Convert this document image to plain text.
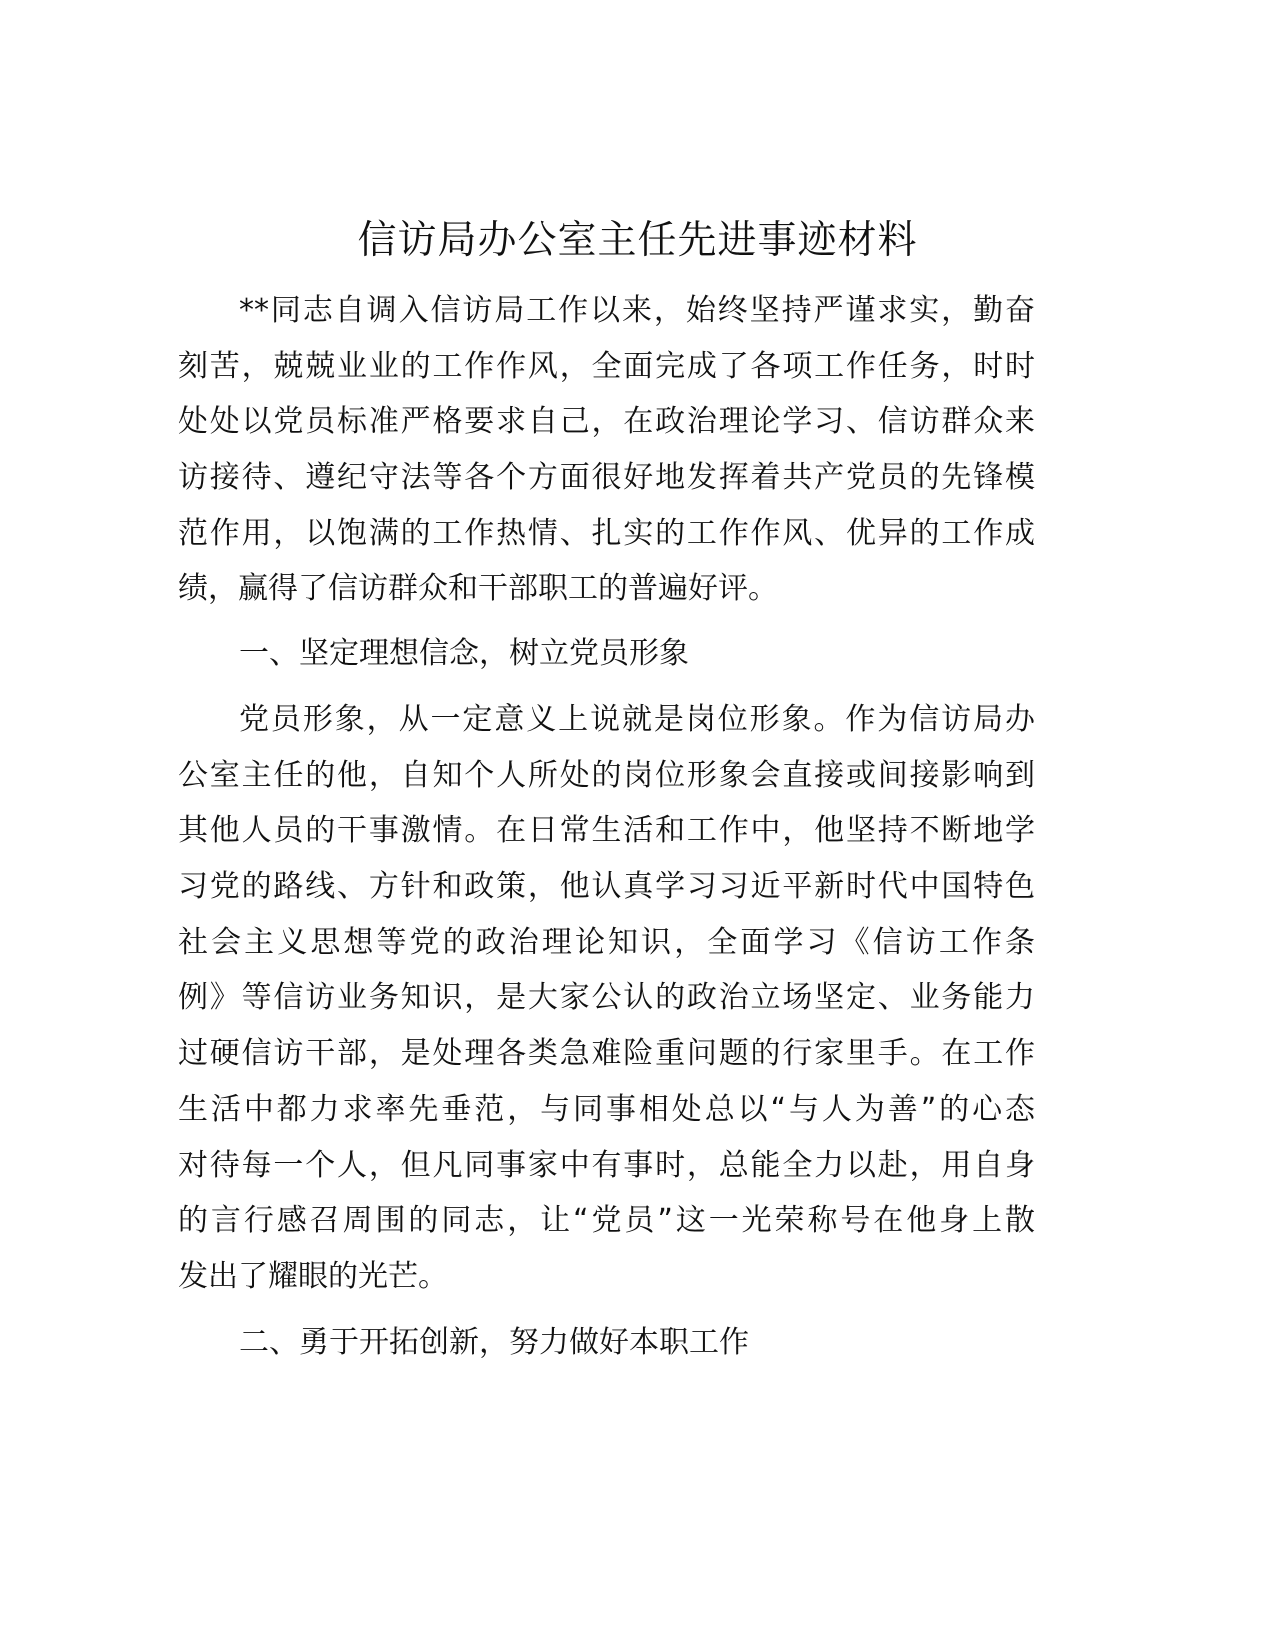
信访局办公室主任先进事迹材料
**同志自调入信访局工作以来，始终坚持严谨求实，勤奋
刻苦，兢兢业业的工作作风，全面完成了各项工作任务，时时
处处以党员标准严格要求自己，在政治理论学习、信访群众来
访接待、遵纪守法等各个方面很好地发挥着共产党员的先锋模
范作用，以饱满的工作热情、扎实的工作作风、优异的工作成
绩，赢得了信访群众和干部职工的普遍好评。
一、坚定理想信念，树立党员形象
党员形象，从一定意义上说就是岗位形象。作为信访局办
公室主任的他，自知个人所处的岗位形象会直接或间接影响到
其他人员的干事激情。在日常生活和工作中，他坚持不断地学
习党的路线、方针和政策，他认真学习习近平新时代中国特色
社会主义思想等党的政治理论知识，全面学习《信访工作条
例》等信访业务知识，是大家公认的政治立场坚定、业务能力
过硬信访干部，是处理各类急难险重问题的行家里手。在工作
生活中都力求率先垂范，与同事相处总以“与人为善”的心态
对待每一个人，但凡同事家中有事时，总能全力以赴，用自身
的言行感召周围的同志，让“党员”这一光荣称号在他身上散
发出了耀眼的光芒。
二、勇于开拓创新，努力做好本职工作
